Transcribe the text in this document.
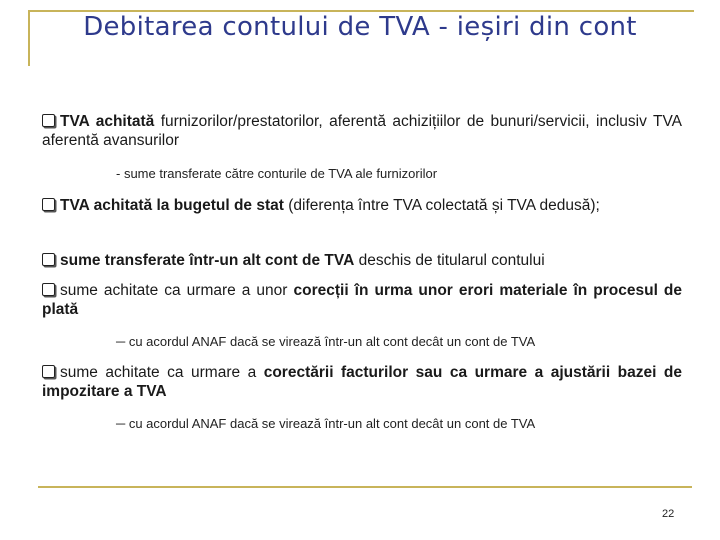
Debitarea contului de TVA - ieșiri din cont
TVA achitată furnizorilor/prestatorilor, aferentă achizițiilor de bunuri/servicii, inclusiv TVA aferentă avansurilor
- sume transferate către conturile de TVA ale furnizorilor
TVA achitată la bugetul de stat (diferența între TVA colectată și TVA dedusă);
sume transferate într-un alt cont de TVA deschis de titularul contului
sume achitate ca urmare a unor corecții în urma unor erori materiale în procesul de plată
─ cu acordul ANAF dacă se virează într-un alt cont decât un cont de TVA
sume achitate ca urmare a corectării facturilor sau ca urmare a ajustării bazei de impozitare a TVA
─ cu acordul ANAF dacă se virează într-un alt cont decât un cont de TVA
22
